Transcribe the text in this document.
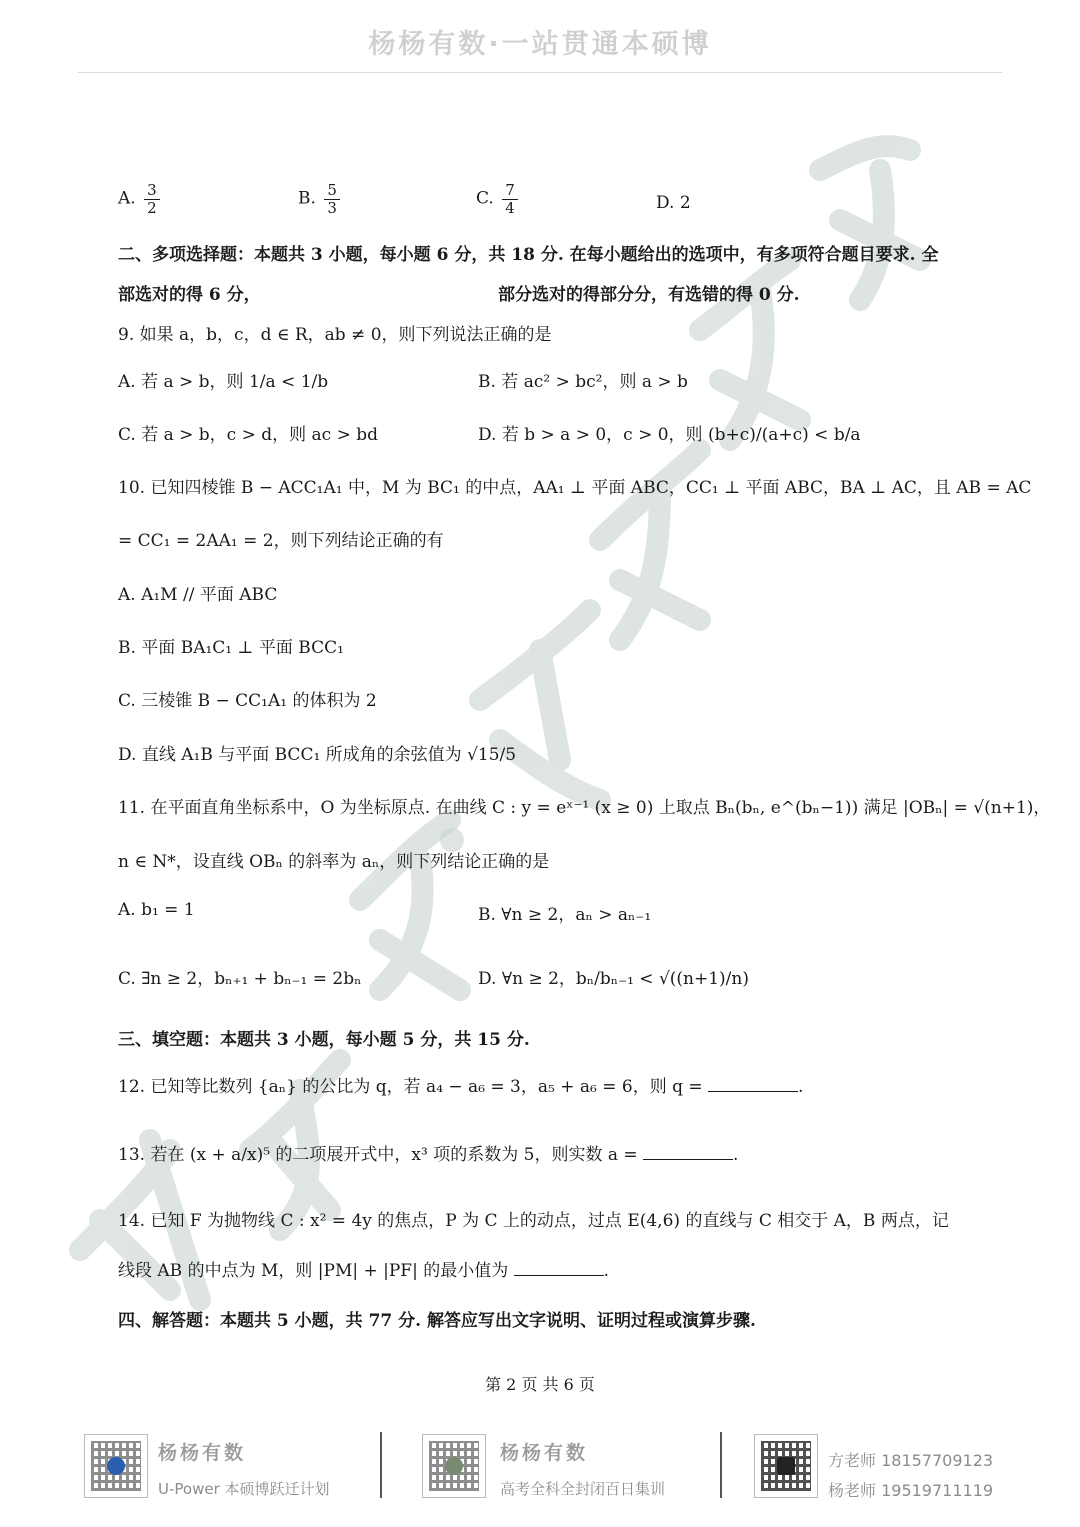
杨杨有数·一站贯通本硕博
A. $\frac{3}{2}$	B. $\frac{5}{3}$	C. $\frac{7}{4}$	D. 2
二、多项选择题：本题共 3 小题，每小题 6 分，共 18 分. 在每小题给出的选项中，有多项符合题目要求. 全
部选对的得 6 分，	部分选对的得部分分，有选错的得 0 分.
9. 如果 a，b，c，d ∈ R，ab ≠ 0，则下列说法正确的是
A. 若 a > b，则 1/a < 1/b	B. 若 ac² > bc²，则 a > b
C. 若 a > b，c > d，则 ac > bd	D. 若 b > a > 0，c > 0，则 (b+c)/(a+c) < b/a
10. 已知四棱锥 B − ACC₁A₁ 中，M 为 BC₁ 的中点，AA₁ ⊥ 平面 ABC，CC₁ ⊥ 平面 ABC，BA ⊥ AC，且 AB = AC
= CC₁ = 2AA₁ = 2，则下列结论正确的有
A. A₁M // 平面 ABC
B. 平面 BA₁C₁ ⊥ 平面 BCC₁
C. 三棱锥 B − CC₁A₁ 的体积为 2
D. 直线 A₁B 与平面 BCC₁ 所成角的余弦值为 √15/5
11. 在平面直角坐标系中，O 为坐标原点. 在曲线 C : y = eˣ⁻¹ (x ≥ 0) 上取点 Bₙ(bₙ, e^(bₙ−1)) 满足 |OBₙ| = √(n+1)，
n ∈ N*，设直线 OBₙ 的斜率为 aₙ，则下列结论正确的是
A. b₁ = 1	B. ∀n ≥ 2，aₙ > aₙ₋₁
C. ∃n ≥ 2，bₙ₊₁ + bₙ₋₁ = 2bₙ	D. ∀n ≥ 2，bₙ/bₙ₋₁ < √((n+1)/n)
三、填空题：本题共 3 小题，每小题 5 分，共 15 分.
12. 已知等比数列 {aₙ} 的公比为 q，若 a₄ − a₆ = 3，a₅ + a₆ = 6，则 q =	.
13. 若在 (x + a/x)⁵ 的二项展开式中，x³ 项的系数为 5，则实数 a =	.
14. 已知 F 为抛物线 C : x² = 4y 的焦点，P 为 C 上的动点，过点 E(4,6) 的直线与 C 相交于 A，B 两点，记
线段 AB 的中点为 M，则 |PM| + |PF| 的最小值为	.
四、解答题：本题共 5 小题，共 77 分. 解答应写出文字说明、证明过程或演算步骤.
第 2 页 共 6 页
杨杨有数
U-Power 本硕博跃迁计划
杨杨有数
高考全科全封闭百日集训
方老师 18157709123
杨老师 19519711119
